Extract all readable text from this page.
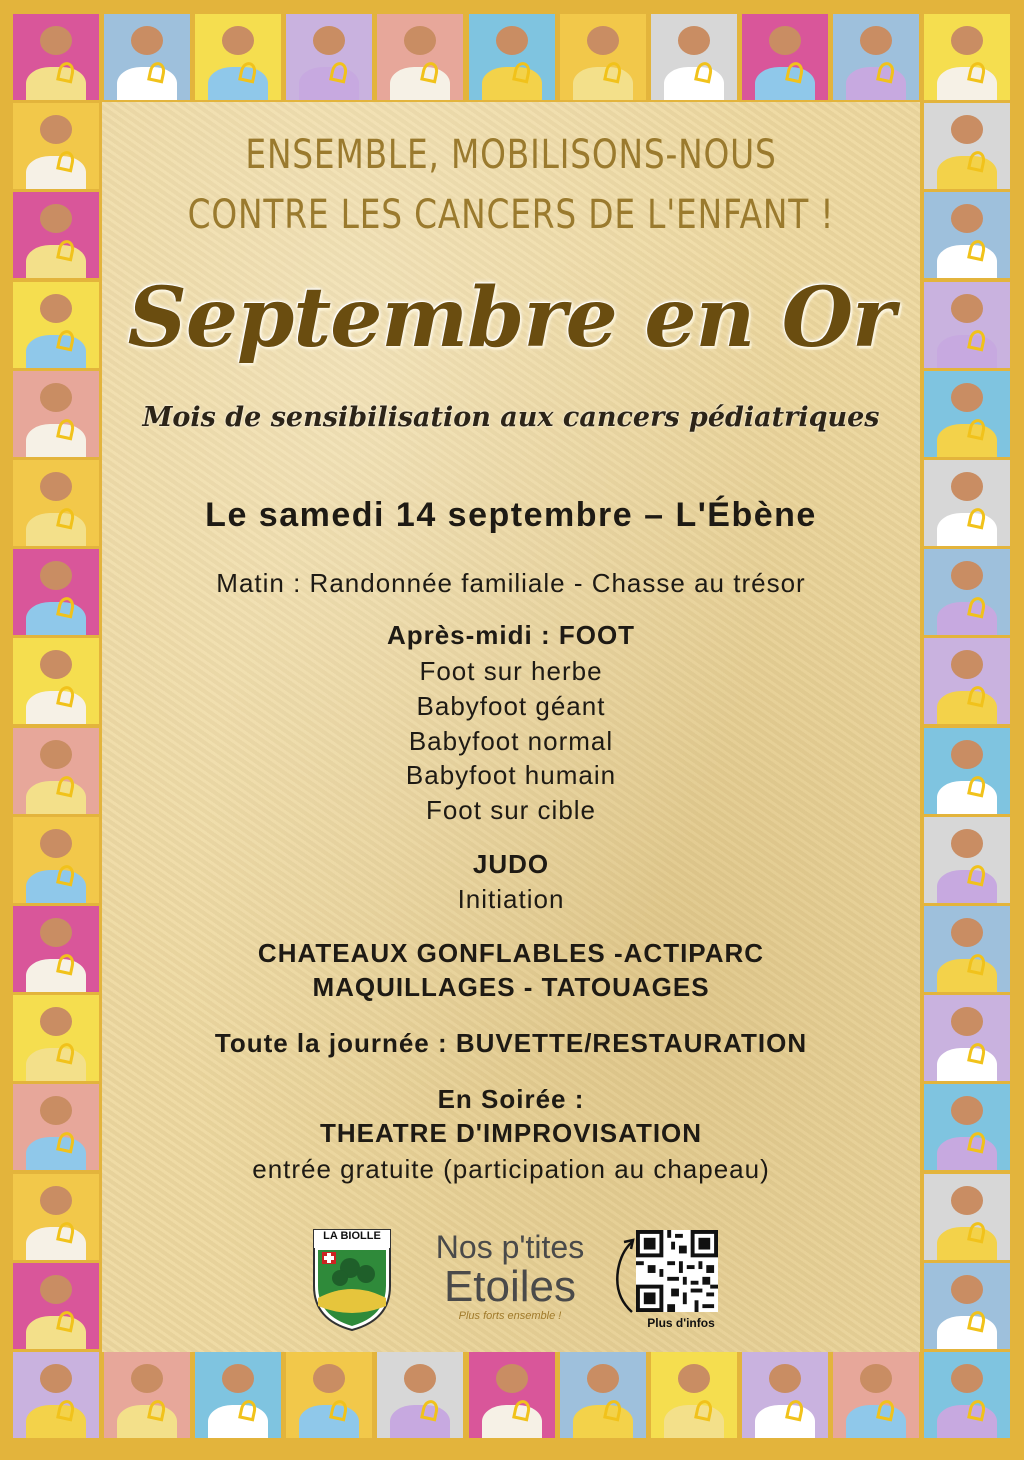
ENSEMBLE, MOBILISONS-NOUS
CONTRE LES CANCERS DE L'ENFANT !
Septembre en Or
Mois de sensibilisation aux cancers pédiatriques
Le samedi 14 septembre – L'Ébène
Matin : Randonnée familiale - Chasse au trésor
Après-midi : FOOT
Foot sur herbe
Babyfoot géant
Babyfoot normal
Babyfoot humain
Foot sur cible
JUDO
Initiation
CHATEAUX GONFLABLES -ACTIPARC
MAQUILLAGES - TATOUAGES
Toute la journée : BUVETTE/RESTAURATION
En Soirée :
THEATRE D'IMPROVISATION
entrée gratuite (participation au chapeau)
LA BIOLLE	Nos p'tites
Etoiles
Plus forts ensemble !	Plus d'infos
